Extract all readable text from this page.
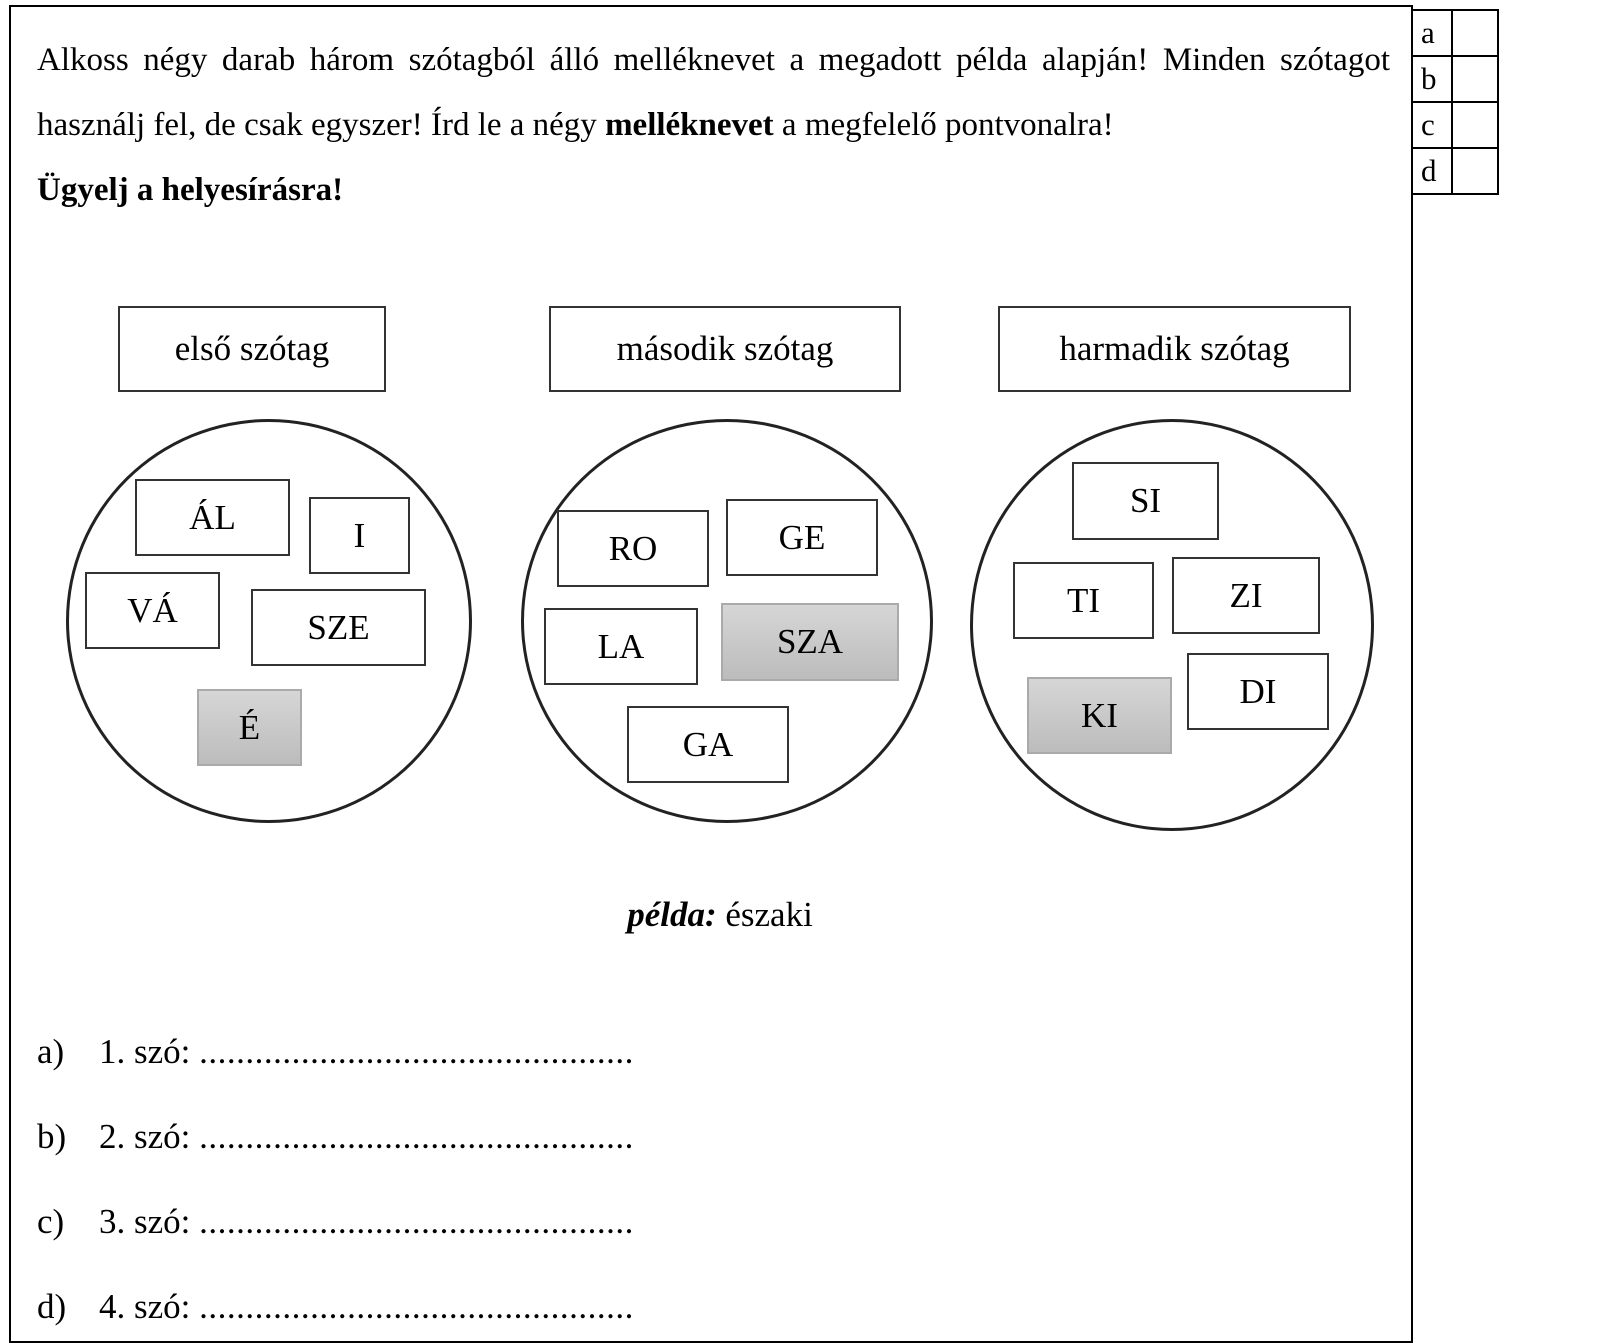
Alkoss négy darab három szótagból álló melléknevet a megadott példa alapján! Minden szótagot használj fel, de csak egyszer! Írd le a négy melléknevet a megfelelő pontvonalra!
Ügyelj a helyesírásra!
a	
b	
c	
d	
első szótag
ÁL	I
VÁ	SZE
É
második szótag
RO	GE
LA	SZA
GA
harmadik szótag
SI
TI	ZI
KI
DI
példa: északi
a) 1. szó: ...............................................
b) 2. szó: ...............................................
c) 3. szó: ...............................................
d) 4. szó: ...............................................
